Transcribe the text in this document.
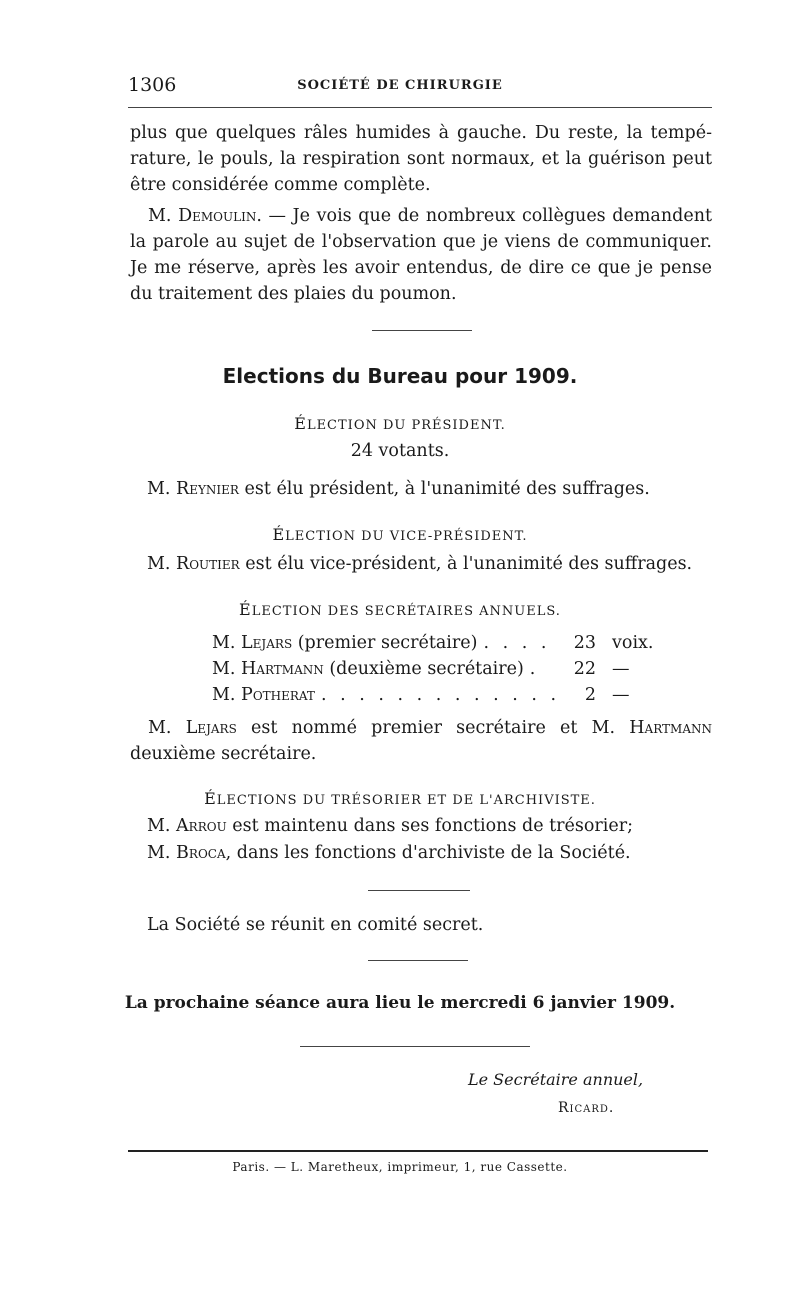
1306	SOCIÉTÉ DE CHIRURGIE
plus que quelques râles humides à gauche. Du reste, la tempé-
rature, le pouls, la respiration sont normaux, et la guérison peut
être considérée comme complète.
M. Demoulin. — Je vois que de nombreux collègues demandent
la parole au sujet de l'observation que je viens de communiquer.
Je me réserve, après les avoir entendus, de dire ce que je pense
du traitement des plaies du poumon.
Elections du Bureau pour 1909.
ÉLECTION DU PRÉSIDENT.
24 votants.
M. Reynier est élu président, à l'unanimité des suffrages.
ÉLECTION DU VICE-PRÉSIDENT.
M. Routier est élu vice-président, à l'unanimité des suffrages.
ÉLECTION DES SECRÉTAIRES ANNUELS.
M. Lejars (premier secrétaire) . . . .	23	voix.
M. Hartmann (deuxième secrétaire) .	22	—
M. Potherat . . . . . . . . . . . . .	2	—
M. Lejars est nommé premier secrétaire et M. Hartmann
deuxième secrétaire.
ÉLECTIONS DU TRÉSORIER ET DE L'ARCHIVISTE.
M. Arrou est maintenu dans ses fonctions de trésorier;
M. Broca, dans les fonctions d'archiviste de la Société.
La Société se réunit en comité secret.
La prochaine séance aura lieu le mercredi 6 janvier 1909.
Le Secrétaire annuel,
Ricard.
Paris. — L. Maretheux, imprimeur, 1, rue Cassette.
